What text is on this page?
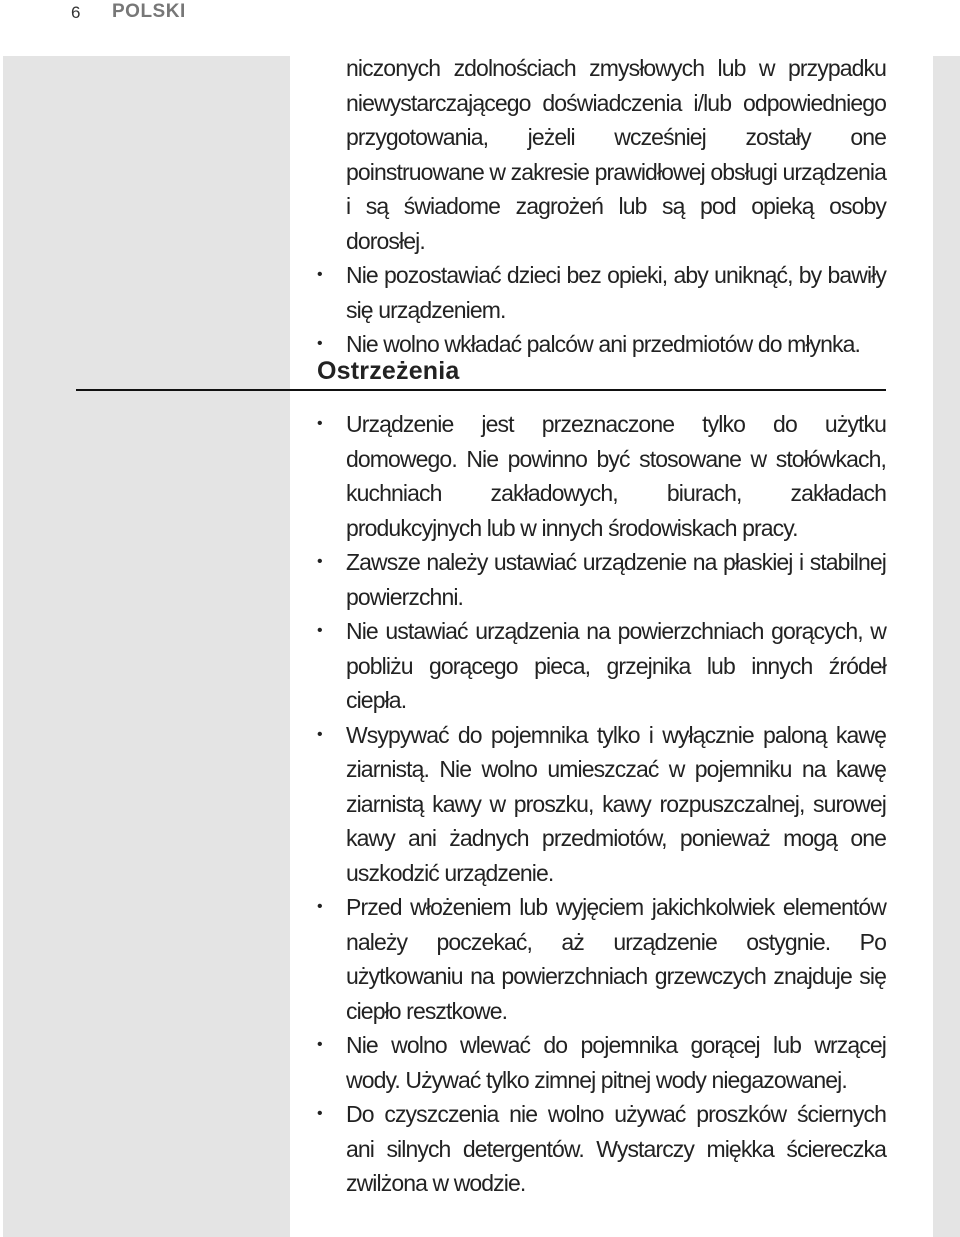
6 POLSKI

niczonych zdolnościach zmysłowych lub w przypadku niewystarczającego doświadczenia i/lub odpowiedniego przygotowania, jeżeli wcześniej zostały one poinstruowane w zakresie prawidłowej obsługi urządzenia i są świadome zagrożeń lub są pod opieką osoby dorosłej.

• Nie pozostawiać dzieci bez opieki, aby uniknąć, by bawiły się urządzeniem.
• Nie wolno wkładać palców ani przedmiotów do młynka.
Ostrzeżenia
• Urządzenie jest przeznaczone tylko do użytku domowego. Nie powinno być stosowane w stołówkach, kuchniach zakładowych, biurach, zakładach produkcyjnych lub w innych środowiskach pracy.
• Zawsze należy ustawiać urządzenie na płaskiej i stabilnej powierzchni.
• Nie ustawiać urządzenia na powierzchniach gorących, w pobliżu gorącego pieca, grzejnika lub innych źródeł ciepła.
• Wsypywać do pojemnika tylko i wyłącznie paloną kawę ziarnistą. Nie wolno umieszczać w pojemniku na kawę ziarnistą kawy w proszku, kawy rozpuszczalnej, surowej kawy ani żadnych przedmiotów, ponieważ mogą one uszkodzić urządzenie.
• Przed włożeniem lub wyjęciem jakichkolwiek elementów należy poczekać, aż urządzenie ostygnie. Po użytkowaniu na powierzchniach grzewczych znajduje się ciepło resztkowe.
• Nie wolno wlewać do pojemnika gorącej lub wrzącej wody. Używać tylko zimnej pitnej wody niegazowanej.
• Do czyszczenia nie wolno używać proszków ściernych ani silnych detergentów. Wystarczy miękka ściereczka zwilżona w wodzie.
